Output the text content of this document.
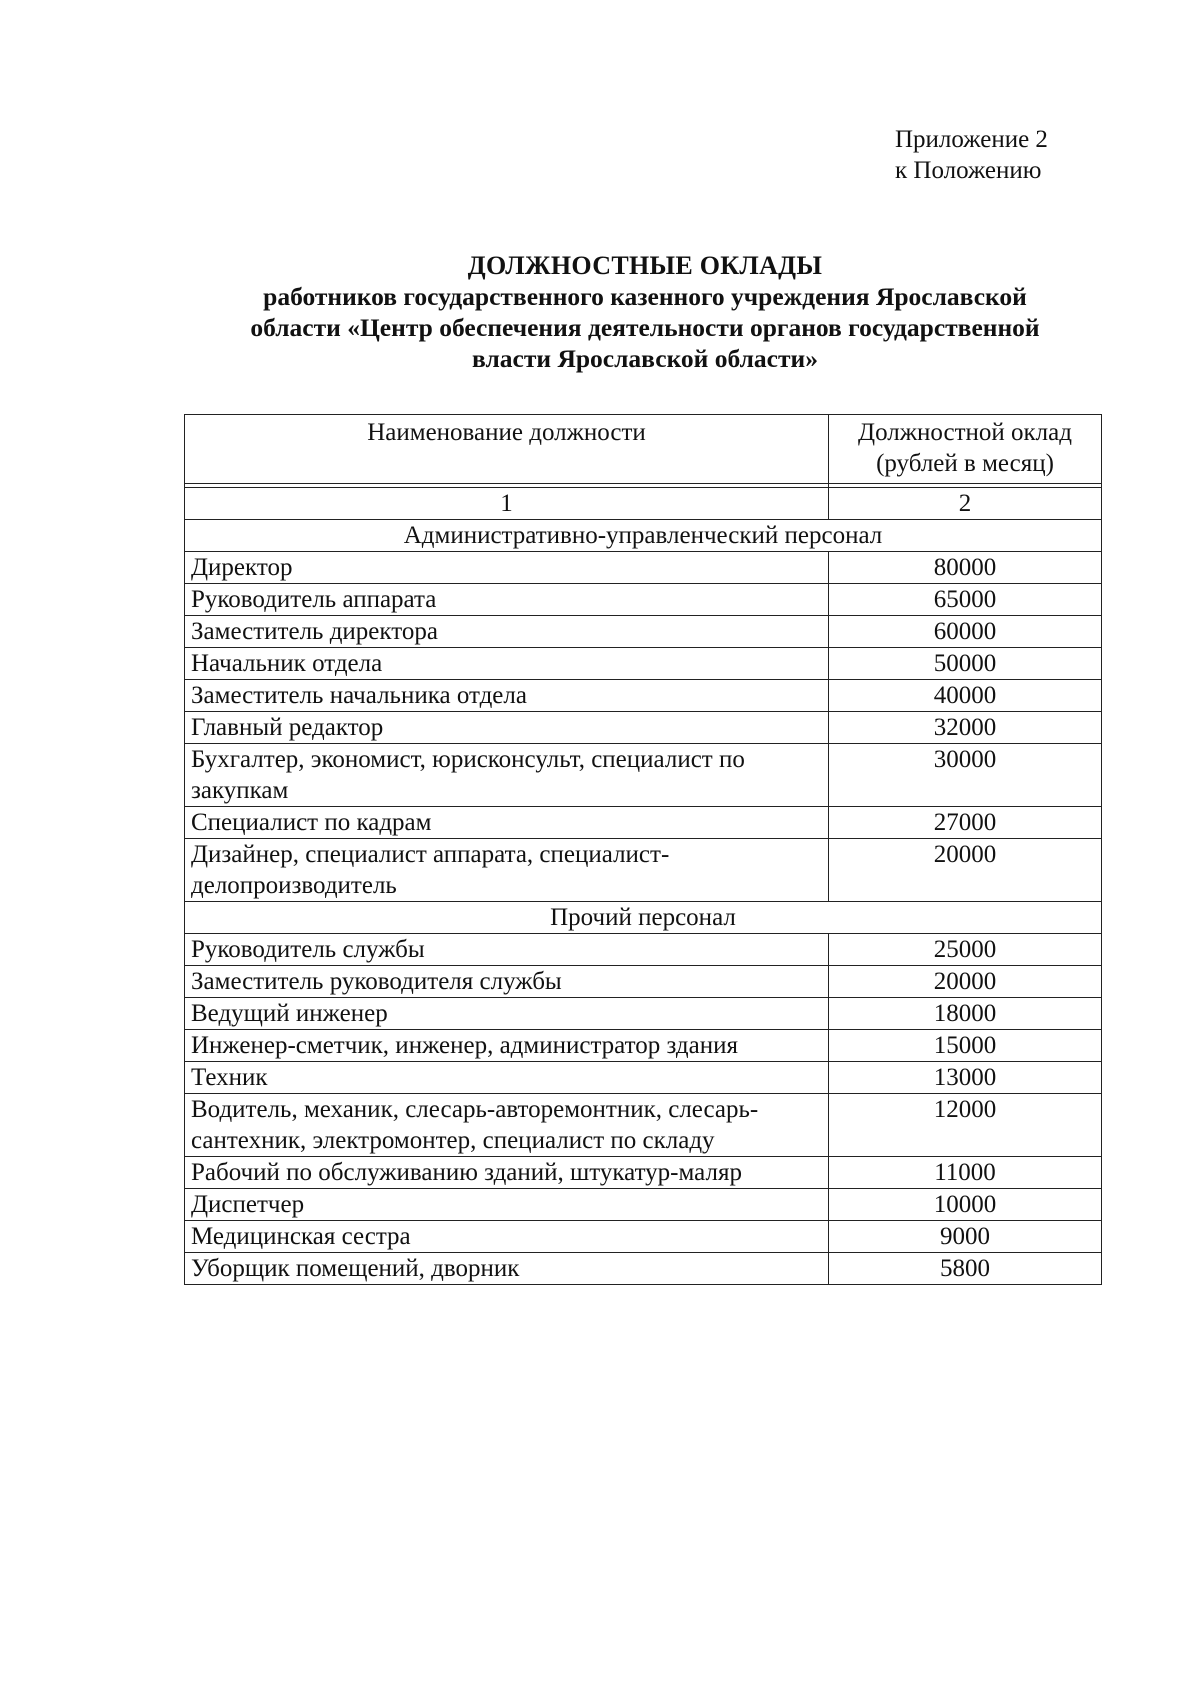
Приложение 2
к Положению
ДОЛЖНОСТНЫЕ ОКЛАДЫ
работников государственного казенного учреждения Ярославской
области «Центр обеспечения деятельности органов государственной
власти Ярославской области»
Наименование должности	Должностной оклад
(рублей в месяц)

1	2
Административно-управленческий персонал	
Директор	80000
Руководитель аппарата	65000
Заместитель директора	60000
Начальник отдела	50000
Заместитель начальника отдела	40000
Главный редактор	32000
Бухгалтер, экономист, юрисконсульт, специалист по закупкам	30000
Специалист по кадрам	27000
Дизайнер, специалист аппарата, специалист-делопроизводитель	20000
Прочий персонал	
Руководитель службы	25000
Заместитель руководителя службы	20000
Ведущий инженер	18000
Инженер-сметчик, инженер, администратор здания	15000
Техник	13000
Водитель, механик, слесарь-авторемонтник, слесарь-сантехник, электромонтер, специалист по складу	12000
Рабочий по обслуживанию зданий, штукатур-маляр	11000
Диспетчер	10000
Медицинская сестра	9000
Уборщик помещений, дворник	5800
